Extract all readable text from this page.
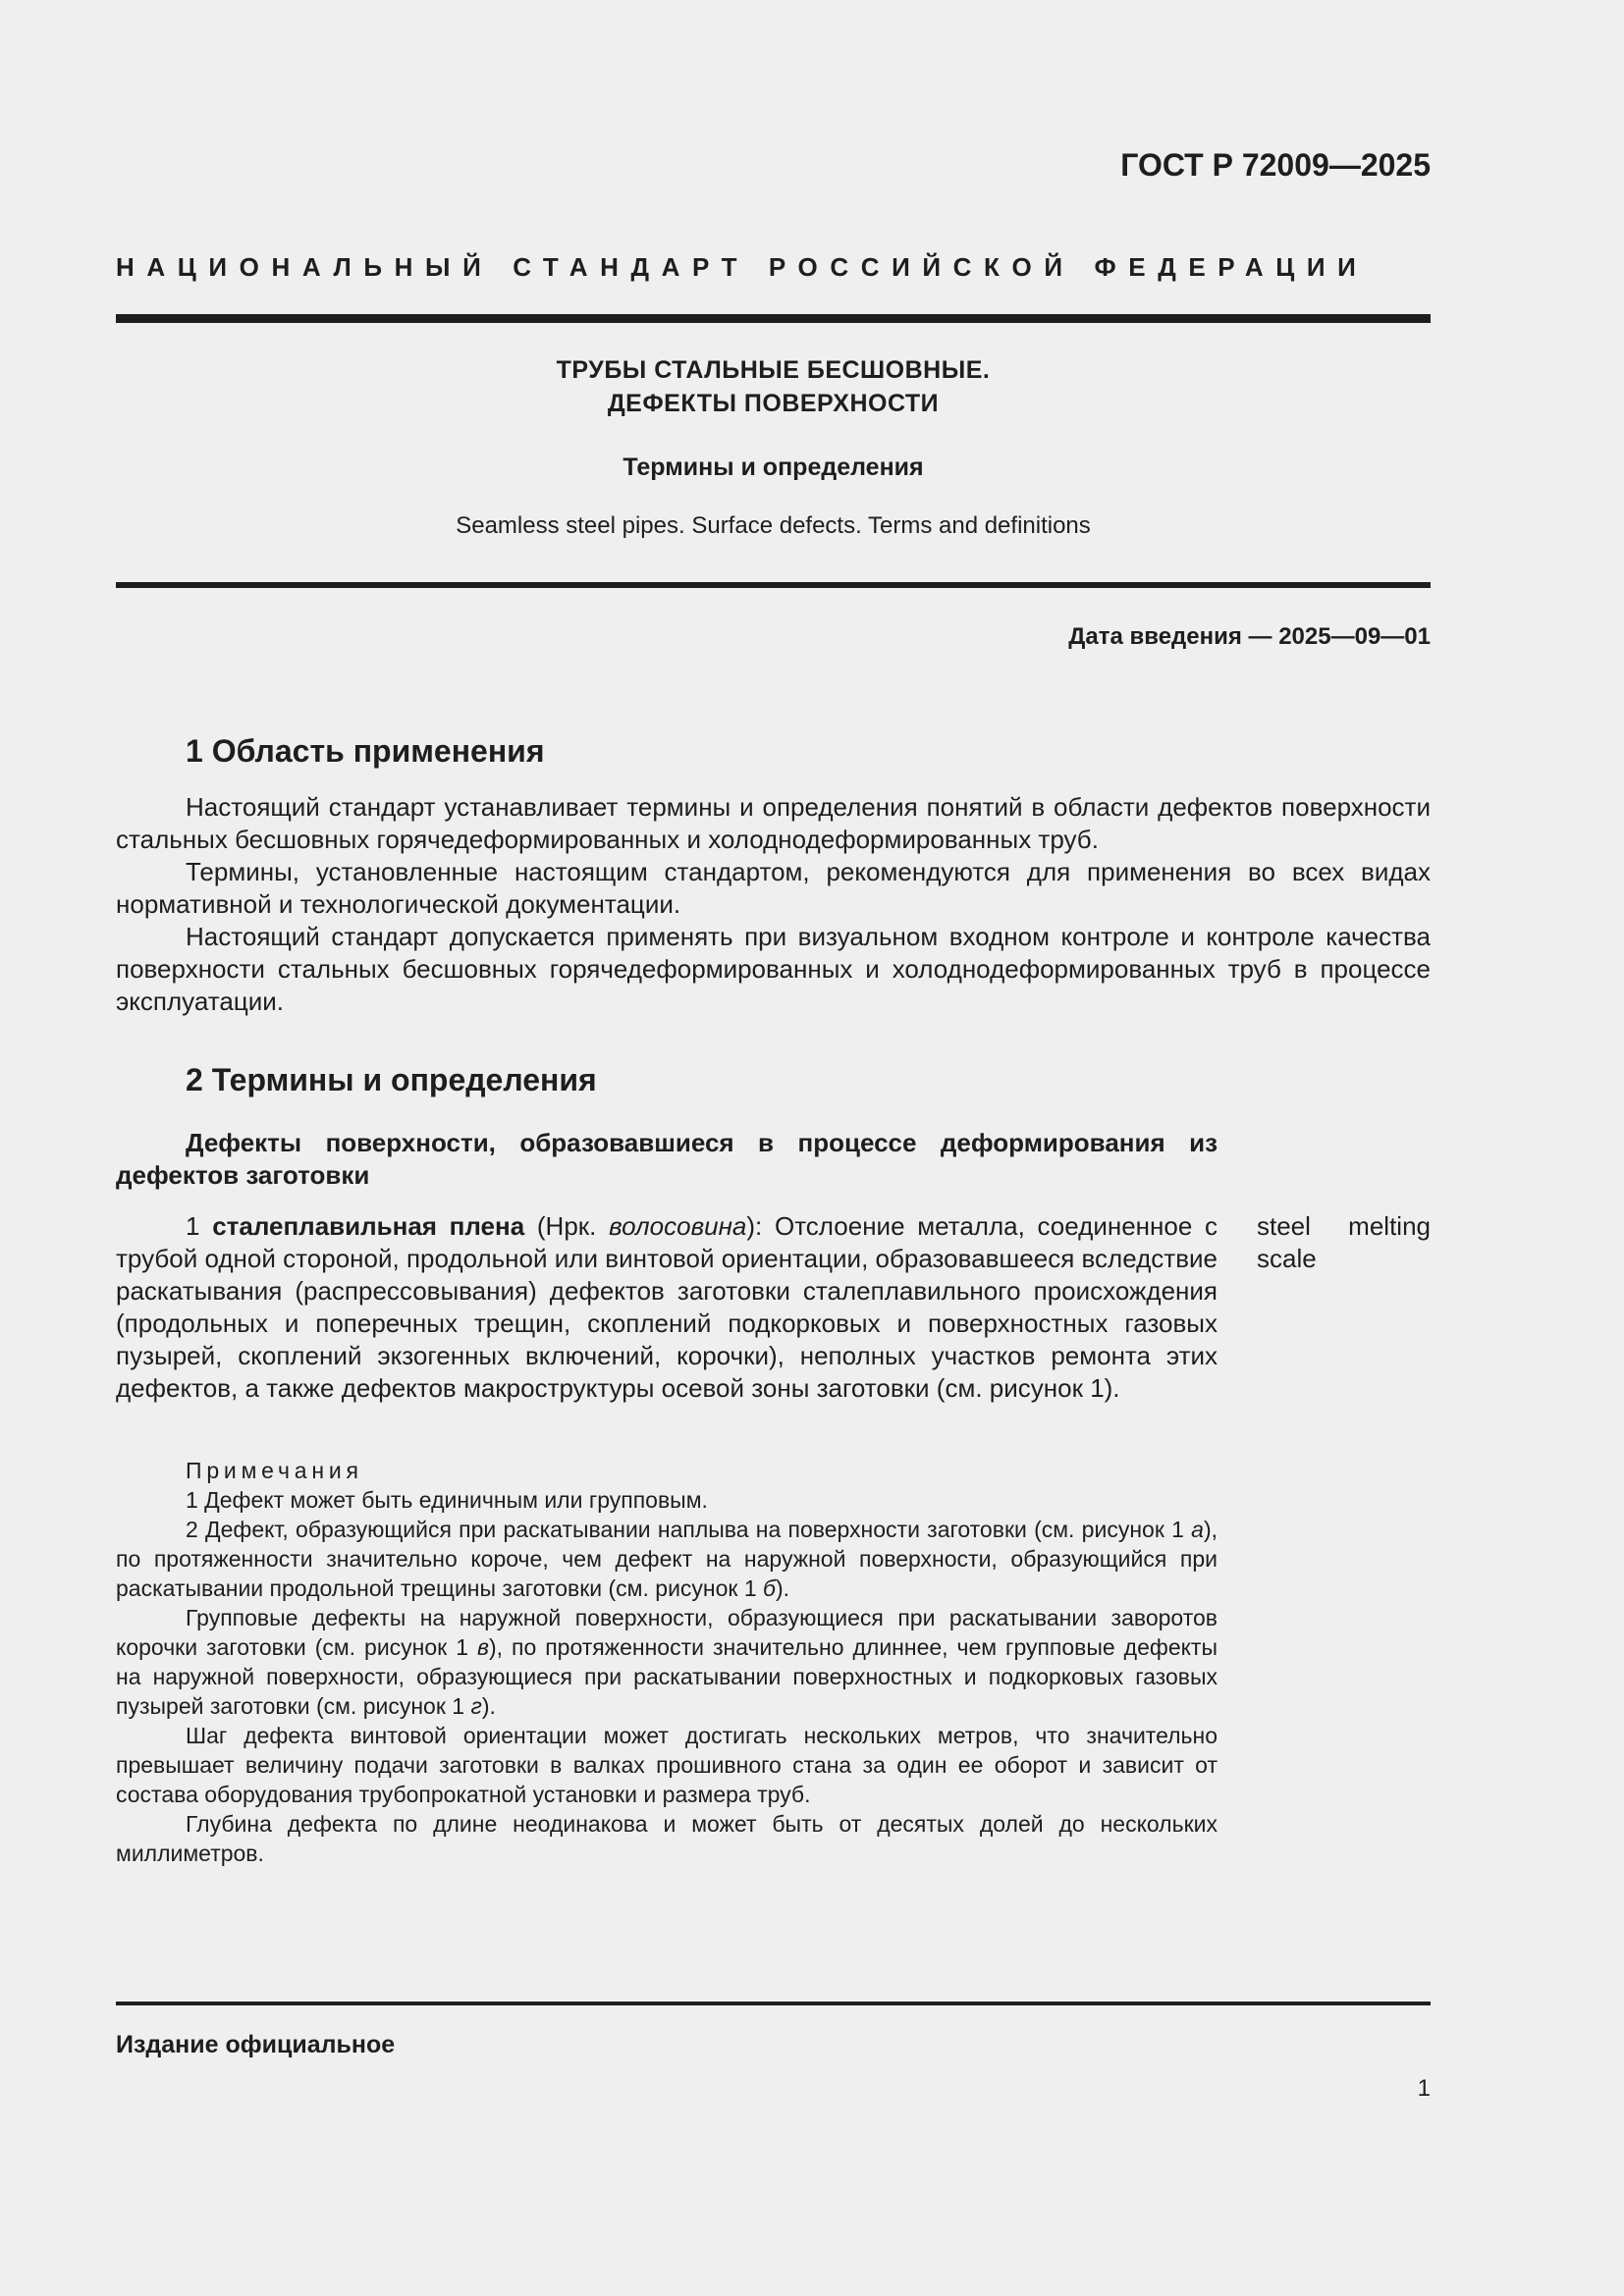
ГОСТ Р 72009—2025
НАЦИОНАЛЬНЫЙ СТАНДАРТ РОССИЙСКОЙ ФЕДЕРАЦИИ
ТРУБЫ СТАЛЬНЫЕ БЕСШОВНЫЕ.
ДЕФЕКТЫ ПОВЕРХНОСТИ
Термины и определения
Seamless steel pipes. Surface defects. Terms and definitions
Дата введения — 2025—09—01
1 Область применения

Настоящий стандарт устанавливает термины и определения понятий в области дефектов поверхности стальных бесшовных горячедеформированных и холоднодеформированных труб.

Термины, установленные настоящим стандартом, рекомендуются для применения во всех видах нормативной и технологической документации.

Настоящий стандарт допускается применять при визуальном входном контроле и контроле качества поверхности стальных бесшовных горячедеформированных и холоднодеформированных труб в процессе эксплуатации.

2 Термины и определения
Дефекты поверхности, образовавшиеся в процессе деформирования из дефектов заготовки
1 сталеплавильная плена (Нрк. волосовина): Отслоение металла, соединенное с трубой одной стороной, продольной или винтовой ориентации, образовавшееся вследствие раскатывания (распрессовывания) дефектов заготовки сталеплавильного происхождения (продольных и поперечных трещин, скоплений подкорковых и поверхностных газовых пузырей, скоплений экзогенных включений, корочки), неполных участков ремонта этих дефектов, а также дефектов макроструктуры осевой зоны заготовки (см. рисунок 1).
steel melting scale

Примечания

1 Дефект может быть единичным или групповым.

2 Дефект, образующийся при раскатывании наплыва на поверхности заготовки (см. рисунок 1 а), по протяженности значительно короче, чем дефект на наружной поверхности, образующийся при раскатывании продольной трещины заготовки (см. рисунок 1 б).

Групповые дефекты на наружной поверхности, образующиеся при раскатывании заворотов корочки заготовки (см. рисунок 1 в), по протяженности значительно длиннее, чем групповые дефекты на наружной поверхности, образующиеся при раскатывании поверхностных и подкорковых газовых пузырей заготовки (см. рисунок 1 г).

Шаг дефекта винтовой ориентации может достигать нескольких метров, что значительно превышает величину подачи заготовки в валках прошивного стана за один ее оборот и зависит от состава оборудования трубопрокатной установки и размера труб.

Глубина дефекта по длине неодинакова и может быть от десятых долей до нескольких миллиметров.

Издание официальное
1
